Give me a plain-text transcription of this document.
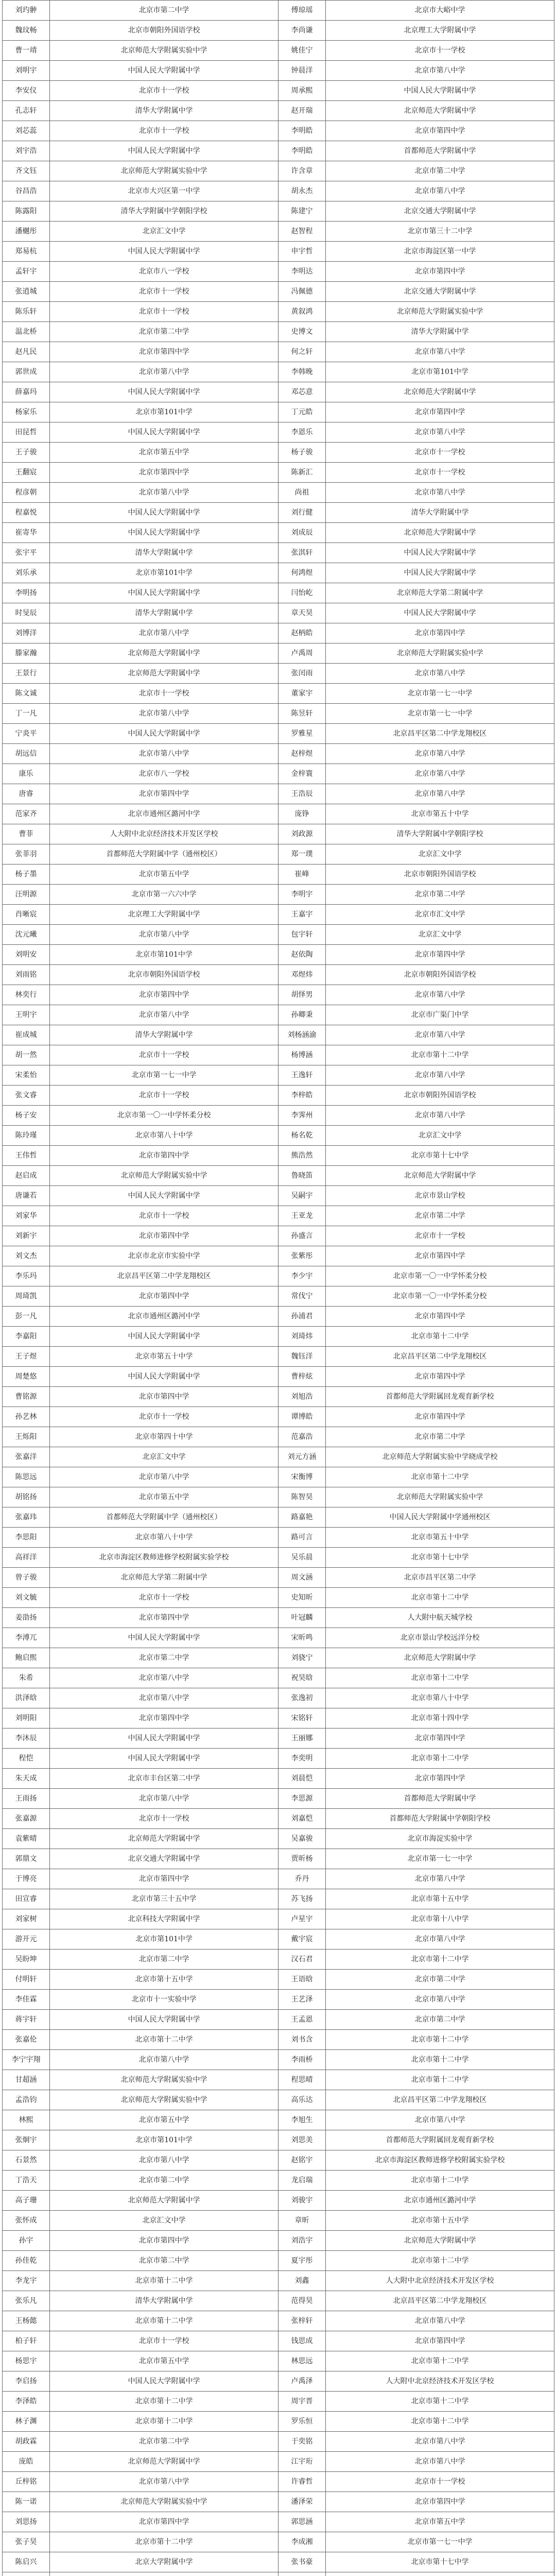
刘玓翀	北京市第二中学	傅琼瑶	北京市大峪中学
魏玟畅	北京市朝阳外国语学校	李尚谦	北京理工大学附属中学
曹一靖	北京师范大学附属实验中学	姚佳宁	北京市十一学校
刘明宇	中国人民大学附属中学	钟晨洋	北京市第八中学
李安仪	北京市十一学校	周承熙	中国人民大学附属中学
孔志轩	清华大学附属中学	赵开瑞	北京师范大学附属中学
刘芯蕊	北京市十一学校	李明皓	北京市第四中学
刘宇浩	中国人民大学附属中学	李明皓	首都师范大学附属中学
齐文钰	北京师范大学附属实验中学	许含章	北京市第二中学
谷昌浩	北京市大兴区第一中学	胡永杰	北京市第八中学
陈露阳	清华大学附属中学朝阳学校	陈建宁	北京交通大学附属中学
潘樾彤	北京汇文中学	赵智程	北京市第三十二中学
郑易杭	中国人民大学附属中学	申宇哲	北京市海淀区第一中学
孟轩宇	北京市八一学校	李明达	北京市第四中学
张逍城	北京市十一学校	冯佩德	北京交通大学附属中学
陈乐轩	北京市十一学校	黄叙鸿	北京师范大学附属实验中学
温北桥	北京市第二中学	史博文	清华大学附属中学
赵凡民	北京市第四中学	何之轩	北京市第八中学
郭世成	北京市第八中学	李韩晚	北京市第101中学
薛嘉玛	中国人民大学附属中学	邓芯意	北京师范大学附属中学
杨家乐	北京市第101中学	丁元皓	北京市第四中学
田昆哲	中国人民大学附属中学	李恩乐	北京市第八中学
王子骏	北京市第五中学	杨子骏	北京市十一学校
王翻宸	北京市第四中学	陈新汇	北京市十一学校
程彦朝	北京市第八中学	尚祖	北京市第八中学
程嘉悦	中国人民大学附属中学	刘行健	清华大学附属中学
崔寄华	中国人民大学附属中学	刘成辰	北京师范大学附属中学
张宇平	清华大学附属中学	张淇轩	中国人民大学附属中学
刘乐承	北京市第101中学	何鸿煜	中国人民大学附属中学
李明扬	中国人民大学附属中学	闫怡屹	北京师范大学第二附属中学
时旻辰	清华大学附属中学	章天昊	中国人民大学附属中学
刘博洋	北京市第八中学	赵柄皓	北京市第四中学
滕家瀚	北京师范大学附属中学	卢禹周	北京师范大学附属实验中学
王景行	北京师范大学附属中学	张闰雨	北京市第八中学
陈文诚	北京市十一学校	董家宇	北京市第一七一中学
丁一凡	北京市第八中学	陈昱轩	北京市第一七一中学
宁炎平	中国人民大学附属中学	罗雅星	北京昌平区第二中学龙翔校区
胡远信	北京市第八中学	赵梓煜	北京市第八中学
康乐	北京市八一学校	金梓寰	北京市第八中学
唐睿	北京市第四中学	王浩辰	北京市第八中学
范家齐	北京市通州区潞河中学	庞铮	北京市第五十中学
曹菲	人大附中北京经济技术开发区学校	刘政源	清华大学附属中学朝阳学校
张菲羽	首都师范大学附属中学（通州校区）	郑一璞	北京汇文中学
杨子墨	北京市第五中学	崔峰	北京市朝阳外国语学校
汪明源	北京市第一六六中学	李明宇	北京市第二中学
肖晰宸	北京理工大学附属中学	王嘉宇	北京市汇文中学
沈元曦	北京市第八中学	包宇轩	北京汇文中学
刘明安	北京市第101中学	赵依陶	北京市第四中学
刘雨铭	北京市朝阳外国语学校	邓煜炜	北京市朝阳外国语学校
林奕行	北京市第四中学	胡怿男	北京市第八中学
王明宇	北京市第八中学	孙卿秉	北京市广渠门中学
崔成城	清华大学附属中学	刘杨涵渝	北京市第八中学
胡一然	北京市十一学校	杨博涵	北京市第十二中学
宋柔怡	北京市第一七一中学	王逸轩	北京市第八中学
张文睿	北京市十一学校	李梓皓	北京市朝阳外国语学校
杨子安	北京市第一〇一中学怀柔分校	李霁州	北京市第八中学
陈玲瑾	北京市第八十中学	杨名乾	北京汇文中学
王伟哲	北京市第四中学	熊浩然	北京市第十七中学
赵启成	北京师范大学附属实验中学	鲁晓笛	北京师范大学附属中学
唐谦若	中国人民大学附属中学	吴嗣宇	北京市景山学校
刘家华	北京市十一学校	王亚龙	北京市第二中学
刘新宇	北京市第四中学	孙盛言	北京市十一学校
刘文杰	北京市北京市实验中学	张紫彤	北京市第四中学
李乐玛	北京昌平区第二中学龙翔校区	李少宇	北京市第一〇一中学怀柔分校
周琦凯	北京市第四中学	常伐宁	北京市第一〇一中学怀柔分校
彭一凡	北京市通州区潞河中学	孙浦君	北京市第四中学
李嘉阳	中国人民大学附属中学	刘琦炜	北京市第十二中学
王子煜	北京市第五十中学	魏钰洋	北京昌平区第二中学龙翔校区
周楚悠	中国人民大学附属中学	曹梓炫	北京市第四中学
曹铭源	北京市第四中学	刘旭浩	首都师范大学附属回龙观育新学校
孙艺林	北京市十一学校	谭博皓	北京市第四中学
王烁阳	北京市第四十中学	范嘉浩	北京市第二中学
张嘉洋	北京汇文中学	刘元方涵	北京师范大学附属实验中学晓成学校
陈思远	北京市第八中学	宋衡博	北京市第十二中学
胡铭扬	北京市第五中学	陈智昊	北京师范大学附属实验中学
张嘉玮	首都师范大学附属中学（通州校区）	路嘉艳	中国人民大学附属中学通州校区
李思阳	北京市第八十中学	路可言	北京市第五十中学
高祥洋	北京市海淀区教师进修学校附属实验学校	吴乐晨	北京市第十七中学
曾子骏	北京师范大学第二附属中学	周文涵	北京市昌平区第二中学
刘文毓	北京市十一学校	史知昕	北京市第十二中学
姜劭扬	北京市第四中学	叶冠麟	人大附中航天城学校
李溥兀	中国人民大学附属中学	宋昕鸣	北京市景山学校远洋分校
鲍启煕	北京市第二中学	刘骁宁	北京师范大学附属中学
朱希	北京市第八中学	祝昊晗	北京市第十二中学
洪泽晗	北京市第八中学	张逸初	北京市第八十中学
刘明阳	北京市第四中学	宋铭轩	北京市第十四中学
李沐辰	中国人民大学附属中学	王丽娜	北京市第四中学
程恺	中国人民大学附属中学	李奕明	北京市第十二中学
朱天成	北京市丰台区第二中学	刘晨恺	北京市第四中学
王雨扬	北京市第八中学	李思源	首都师范大学附属中学
张嘉源	北京市十一学校	刘嘉恺	首都师范大学附属中学朝阳学校
袁紫晴	北京师范大学附属中学	吴嘉骏	北京市海淀实验中学
郭鼎文	北京交通大学附属中学	贾昕杨	北京市第一七一中学
于博亮	北京市第四中学	乔丹	北京市第八中学
田宣睿	北京市第三十五中学	苏飞扬	北京市第十五中学
刘家树	北京科技大学附属中学	卢星宇	北京市第十八中学
游开元	北京市第101中学	戴宇宸	北京市第八中学
吴盼坤	北京市第二中学	汉石君	北京市第十二中学
付明轩	北京市第十五中学	王语晗	北京市第二中学
李佳霖	北京市十一实验中学	王艺泽	北京市第八中学
蒋宇轩	中国人民大学附属中学	王孟恩	北京市第二中学
张嘉伦	北京市第十二中学	刘书含	北京市第十二中学
李宁宇翔	北京市第八中学	李雨桥	北京市第十二中学
甘超涵	北京师范大学附属实验中学	程思晴	北京市第十二中学
孟浩钧	北京师范大学附属实验中学	高乐达	北京昌平区第二中学龙翔校区
林熙	北京市第五中学	李旭生	北京市第八中学
张炯宇	北京市第101中学	刘思美	首都师范大学附属回龙观育新学校
石景然	北京市第八中学	赵铭宇	北京市海淀区教师进修学校附属实验学校
丁浩天	北京市第二中学	龙启瑞	北京市第十二中学
高子珊	北京师范大学附属中学	刘骏宇	北京市通州区潞河中学
张怀成	北京汇文中学	章昕	北京市第十五中学
孙宇	北京市第四中学	刘浩宇	北京师范大学附属中学
孙佳乾	北京市第二中学	夏宇彤	北京市第十二中学
李龙宇	北京市第十二中学	刘鑫	人大附中北京经济技术开发区学校
张乐凡	清华大学附属中学	范得昊	北京昌平区第二中学龙翔校区
王杨懿	北京市第十二中学	张梓轩	北京市第八中学
柏子轩	北京市十一学校	钱思成	北京市第四中学
杨思宇	北京市第五中学	林思远	北京市第十二中学
李启扬	中国人民大学附属中学	卢禹泽	人大附中北京经济技术开发区学校
李泽皓	北京市第十二中学	周宇晋	北京市第十二中学
林子渊	北京市第十二中学	罗乐恒	北京市第十二中学
胡政霖	北京市第二中学	于奕铭	北京市第八中学
庞皓	北京师范大学附属中学	江宇珩	北京市第八中学
丘梓铭	北京市第八中学	许睿哲	北京市十一学校
陈一诺	北京师范大学附属实验中学	潘泽荣	北京市第四中学
刘思扬	北京市第四中学	郭思涵	北京市第五中学
张子昊	北京市第十二中学	李成湘	北京市第一七一中学
陈启兴	北京大学附属中学	张书豪	北京市第十七中学
